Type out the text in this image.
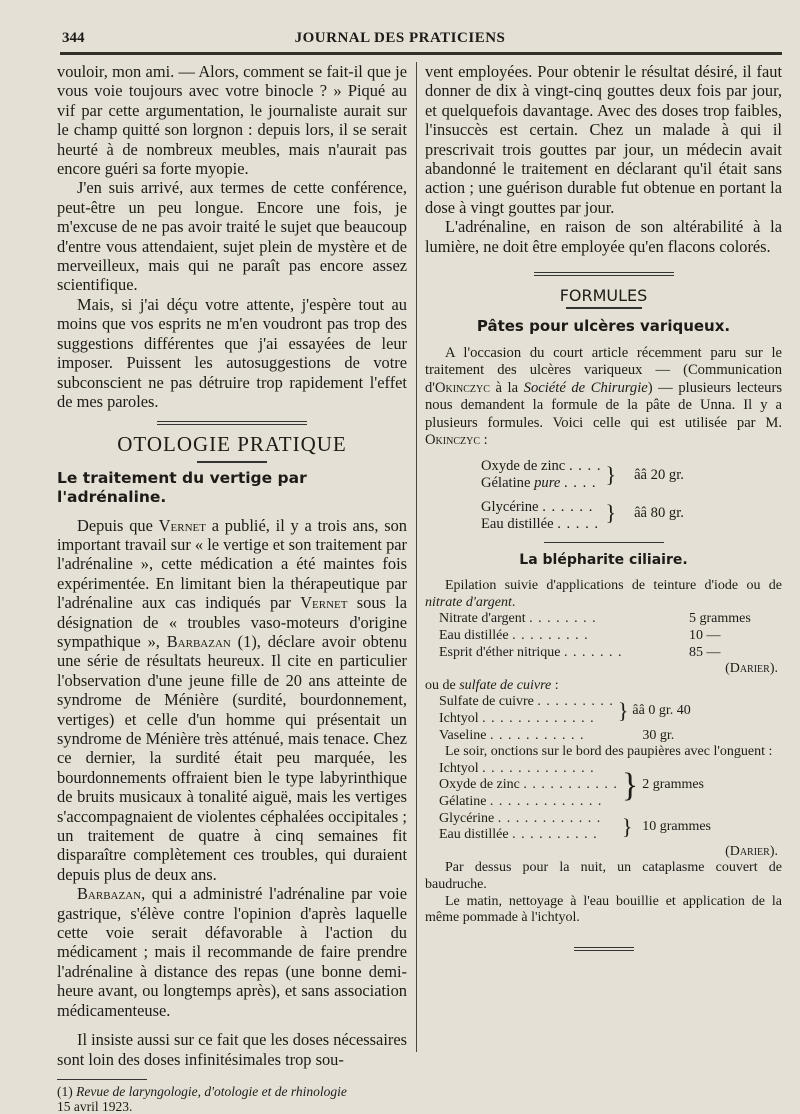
344	JOURNAL DES PRATICIENS

vouloir, mon ami. — Alors, comment se fait-il que je vous voie toujours avec votre binocle ? » Piqué au vif par cette argumentation, le journaliste aurait sur le champ quitté son lorgnon : depuis lors, il se serait heurté à de nombreux meubles, mais n'aurait pas encore guéri sa forte myopie.

J'en suis arrivé, aux termes de cette conférence, peut-être un peu longue. Encore une fois, je m'excuse de ne pas avoir traité le sujet que beaucoup d'entre vous attendaient, sujet plein de mystère et de merveilleux, mais qui ne paraît pas encore assez scientifique.

Mais, si j'ai déçu votre attente, j'espère tout au moins que vos esprits ne m'en voudront pas trop des suggestions différentes que j'ai essayées de leur imposer. Puissent les autosuggestions de votre subconscient ne pas détruire trop rapidement l'effet de mes paroles.

OTOLOGIE PRATIQUE
Le traitement du vertige par l'adrénaline.

Depuis que Vernet a publié, il y a trois ans, son important travail sur « le vertige et son traitement par l'adrénaline », cette médication a été maintes fois expérimentée. En limitant bien la thérapeutique par l'adrénaline aux cas indiqués par Vernet sous la désignation de « troubles vaso-moteurs d'origine sympathique », Barbazan (1), déclare avoir obtenu une série de résultats heureux. Il cite en particulier l'observation d'une jeune fille de 20 ans atteinte de syndrome de Ménière (surdité, bourdonnement, vertiges) et celle d'un homme qui présentait un syndrome de Ménière très atténué, mais tenace. Chez ce dernier, la surdité était peu marquée, les bourdonnements offraient bien le type labyrinthique de bruits musicaux à tonalité aiguë, mais les vertiges s'accompagnaient de violentes céphalées occipitales ; un traitement de quatre à cinq semaines fit disparaître complètement ces troubles, qui duraient depuis plus de deux ans.

Barbazan, qui a administré l'adrénaline par voie gastrique, s'élève contre l'opinion d'après laquelle cette voie serait défavorable à l'action du médicament ; mais il recommande de faire prendre l'adrénaline à distance des repas (une bonne demi-heure avant, ou longtemps après), et sans association médicamenteuse.

Il insiste aussi sur ce fait que les doses nécessaires sont loin des doses infinitésimales trop sou-

(1) Revue de laryngologie, d'otologie et de rhinologie
15 avril 1923.

vent employées. Pour obtenir le résultat désiré, il faut donner de dix à vingt-cinq gouttes deux fois par jour, et quelquefois davantage. Avec des doses trop faibles, l'insuccès est certain. Chez un malade à qui il prescrivait trois gouttes par jour, un médecin avait abandonné le traitement en déclarant qu'il était sans action ; une guérison durable fut obtenue en portant la dose à vingt gouttes par jour.

L'adrénaline, en raison de son altérabilité à la lumière, ne doit être employée qu'en flacons colorés.

FORMULES
Pâtes pour ulcères variqueux.

A l'occasion du court article récemment paru sur le traitement des ulcères variqueux — (Communication d'Okinczyc à la Société de Chirurgie) — plusieurs lecteurs nous demandent la formule de la pâte de Unna. Il y a plusieurs formules. Voici celle qui est utilisée par M. Okinczyc :

Oxyde de zinc . . . .	}	ââ 20 gr.
Gélatine pure . . . .		
Glycérine . . . . . .	}	ââ 80 gr.
Eau distillée . . . . .		
La blépharite ciliaire.

Epilation suivie d'applications de teinture d'iode ou de nitrate d'argent.

Nitrate d'argent . . . . . . . .	5 grammes
Eau distillée . . . . . . . . .	10 —
Esprit d'éther nitrique . . . . . . .	85 —

(Darier).

ou de sulfate de cuivre :

Sulfate de cuivre . . . . . . . . .	}	ââ 0 gr. 40
Ichtyol . . . . . . . . . . . . .		
Vaseline . . . . . . . . . . .		30 gr.

Le soir, onctions sur le bord des paupières avec l'onguent :

Ichtyol . . . . . . . . . . . . .	}	2 grammes
Oxyde de zinc . . . . . . . . . . .		
Gélatine . . . . . . . . . . . . .		
Glycérine . . . . . . . . . . . .	}	10 grammes
Eau distillée . . . . . . . . . .		

(Darier).

Par dessus pour la nuit, un cataplasme couvert de baudruche.

Le matin, nettoyage à l'eau bouillie et application de la même pommade à l'ichtyol.
